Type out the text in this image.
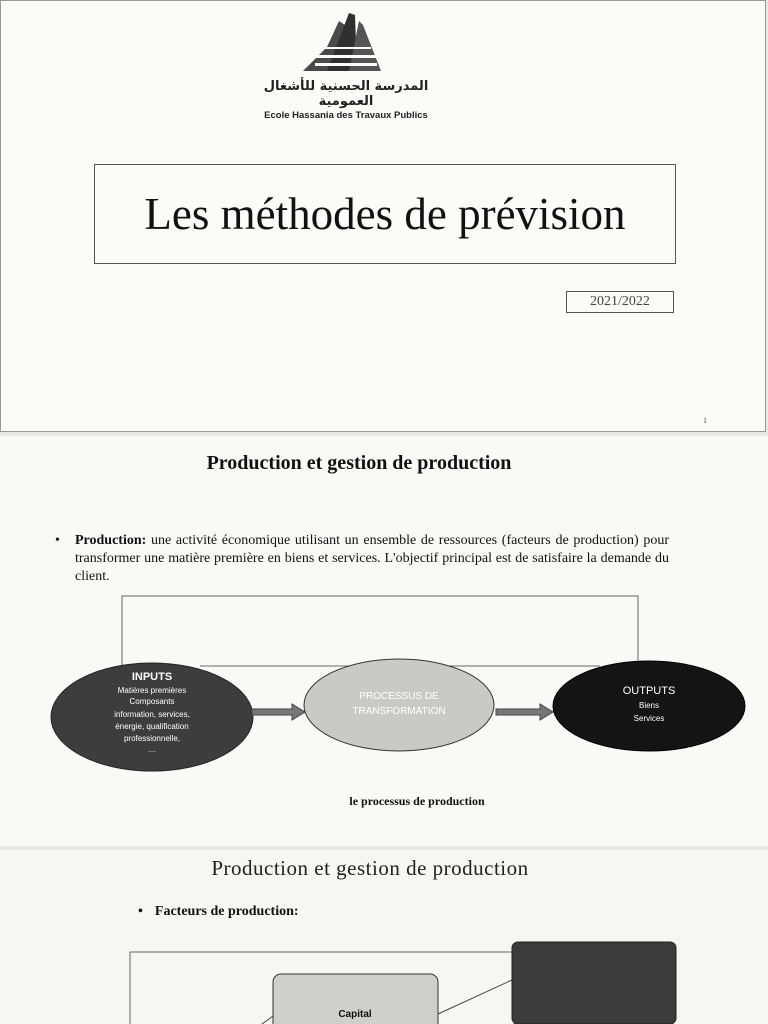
المدرسة الحسنية للأشغال العمومية
Ecole Hassania des Travaux Publics
Les méthodes de prévision
2021/2022
1
Production et gestion de production
• Production: une activité économique utilisant un ensemble de ressources (facteurs de production) pour transformer une matière première en biens et services. L'objectif principal est de satisfaire la demande du client.
INPUTS
Matières premières
Composants
information, services,
énergie, qualification
professionnelle,
...
PROCESSUS DE
TRANSFORMATION
OUTPUTS
Biens
Services
le processus de production
Production et gestion de production
• Facteurs de production:
Capital
